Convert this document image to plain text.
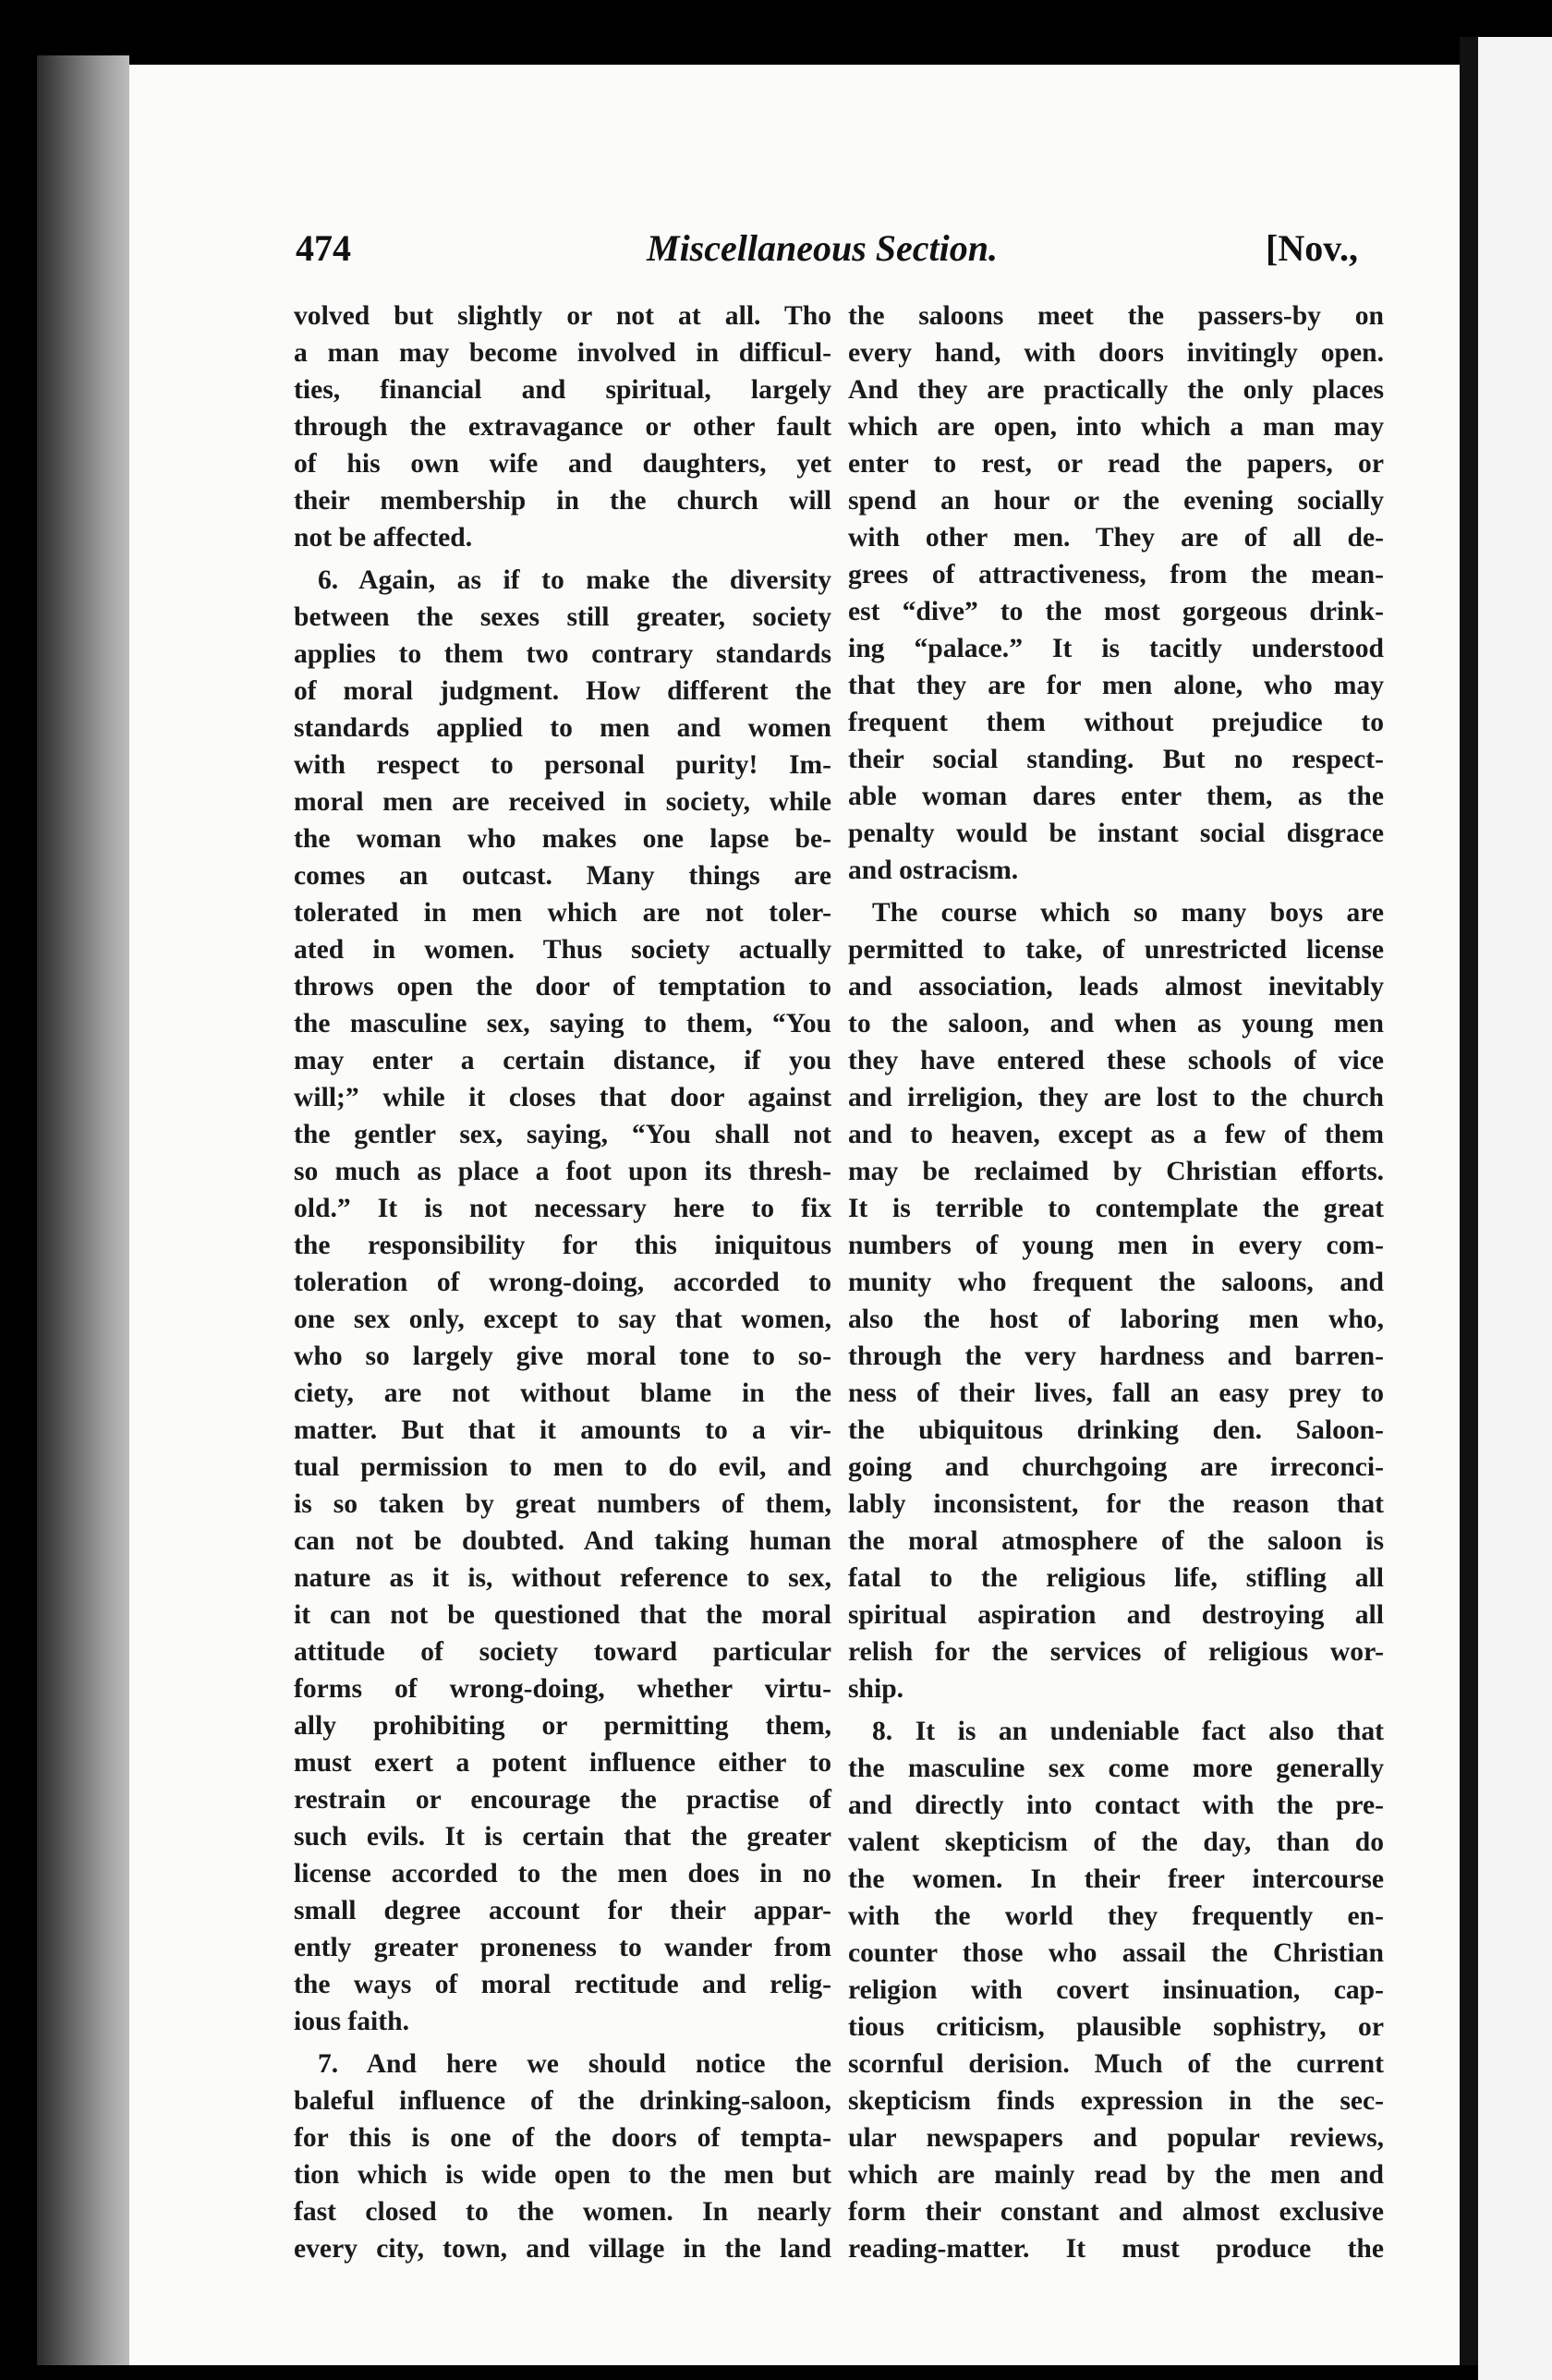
474	Miscellaneous Section.	[Nov.,
volved but slightly or not at all. Tho
a man may become involved in difficul-
ties, financial and spiritual, largely
through the extravagance or other fault
of his own wife and daughters, yet
their membership in the church will
not be affected.
6. Again, as if to make the diversity
between the sexes still greater, society
applies to them two contrary standards
of moral judgment. How different the
standards applied to men and women
with respect to personal purity! Im-
moral men are received in society, while
the woman who makes one lapse be-
comes an outcast. Many things are
tolerated in men which are not toler-
ated in women. Thus society actually
throws open the door of temptation to
the masculine sex, saying to them, “You
may enter a certain distance, if you
will;” while it closes that door against
the gentler sex, saying, “You shall not
so much as place a foot upon its thresh-
old.” It is not necessary here to fix
the responsibility for this iniquitous
toleration of wrong-doing, accorded to
one sex only, except to say that women,
who so largely give moral tone to so-
ciety, are not without blame in the
matter. But that it amounts to a vir-
tual permission to men to do evil, and
is so taken by great numbers of them,
can not be doubted. And taking human
nature as it is, without reference to sex,
it can not be questioned that the moral
attitude of society toward particular
forms of wrong-doing, whether virtu-
ally prohibiting or permitting them,
must exert a potent influence either to
restrain or encourage the practise of
such evils. It is certain that the greater
license accorded to the men does in no
small degree account for their appar-
ently greater proneness to wander from
the ways of moral rectitude and relig-
ious faith.
7. And here we should notice the
baleful influence of the drinking-saloon,
for this is one of the doors of tempta-
tion which is wide open to the men but
fast closed to the women. In nearly
every city, town, and village in the land
the saloons meet the passers-by on
every hand, with doors invitingly open.
And they are practically the only places
which are open, into which a man may
enter to rest, or read the papers, or
spend an hour or the evening socially
with other men. They are of all de-
grees of attractiveness, from the mean-
est “dive” to the most gorgeous drink-
ing “palace.” It is tacitly understood
that they are for men alone, who may
frequent them without prejudice to
their social standing. But no respect-
able woman dares enter them, as the
penalty would be instant social disgrace
and ostracism.
The course which so many boys are
permitted to take, of unrestricted license
and association, leads almost inevitably
to the saloon, and when as young men
they have entered these schools of vice
and irreligion, they are lost to the church
and to heaven, except as a few of them
may be reclaimed by Christian efforts.
It is terrible to contemplate the great
numbers of young men in every com-
munity who frequent the saloons, and
also the host of laboring men who,
through the very hardness and barren-
ness of their lives, fall an easy prey to
the ubiquitous drinking den. Saloon-
going and churchgoing are irreconci-
lably inconsistent, for the reason that
the moral atmosphere of the saloon is
fatal to the religious life, stifling all
spiritual aspiration and destroying all
relish for the services of religious wor-
ship.
8. It is an undeniable fact also that
the masculine sex come more generally
and directly into contact with the pre-
valent skepticism of the day, than do
the women. In their freer intercourse
with the world they frequently en-
counter those who assail the Christian
religion with covert insinuation, cap-
tious criticism, plausible sophistry, or
scornful derision. Much of the current
skepticism finds expression in the sec-
ular newspapers and popular reviews,
which are mainly read by the men and
form their constant and almost exclusive
reading-matter. It must produce the
